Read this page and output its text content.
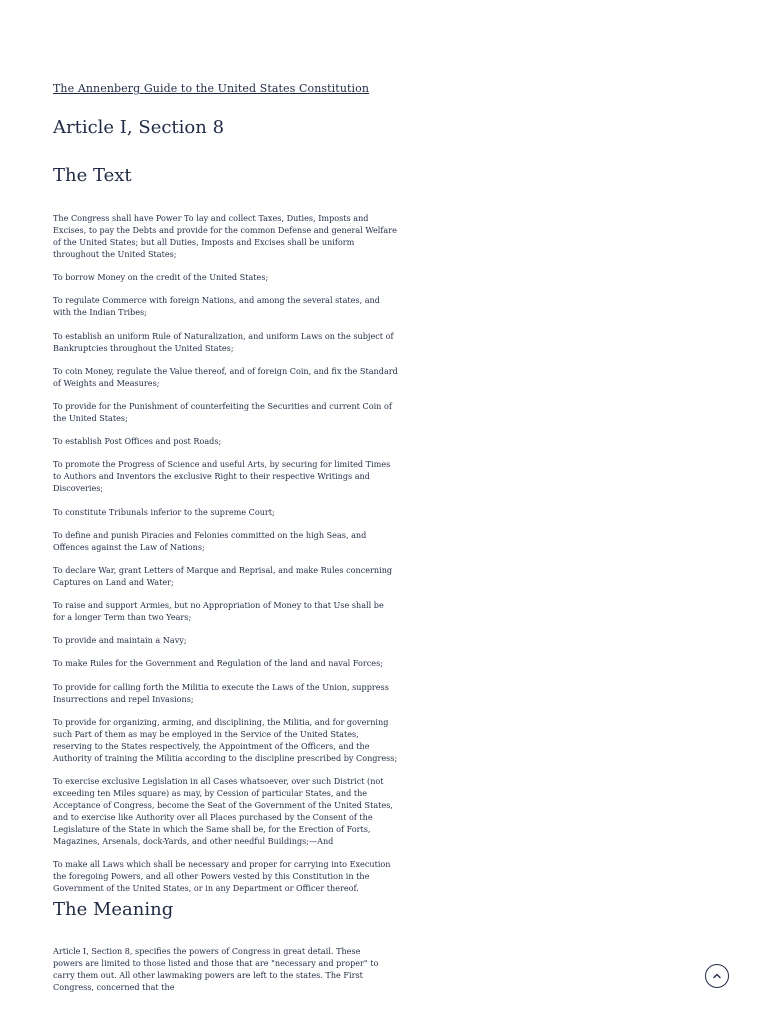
The Annenberg Guide to the United States Constitution
Article I, Section 8
The Text

The Congress shall have Power To lay and collect Taxes, Duties, Imposts and Excises, to pay the Debts and provide for the common Defense and general Welfare of the United States; but all Duties, Imposts and Excises shall be uniform throughout the United States;

To borrow Money on the credit of the United States;

To regulate Commerce with foreign Nations, and among the several states, and with the Indian Tribes;

To establish an uniform Rule of Naturalization, and uniform Laws on the subject of Bankruptcies throughout the United States;

To coin Money, regulate the Value thereof, and of foreign Coin, and fix the Standard of Weights and Measures;

To provide for the Punishment of counterfeiting the Securities and current Coin of the United States;

To establish Post Offices and post Roads;

To promote the Progress of Science and useful Arts, by securing for limited Times to Authors and Inventors the exclusive Right to their respective Writings and Discoveries;

To constitute Tribunals inferior to the supreme Court;

To define and punish Piracies and Felonies committed on the high Seas, and Offences against the Law of Nations;

To declare War, grant Letters of Marque and Reprisal, and make Rules concerning Captures on Land and Water;

To raise and support Armies, but no Appropriation of Money to that Use shall be for a longer Term than two Years;

To provide and maintain a Navy;

To make Rules for the Government and Regulation of the land and naval Forces;

To provide for calling forth the Militia to execute the Laws of the Union, suppress Insurrections and repel Invasions;

To provide for organizing, arming, and disciplining, the Militia, and for governing such Part of them as may be employed in the Service of the United States, reserving to the States respectively, the Appointment of the Officers, and the Authority of training the Militia according to the discipline prescribed by Congress;

To exercise exclusive Legislation in all Cases whatsoever, over such District (not exceeding ten Miles square) as may, by Cession of particular States, and the Acceptance of Congress, become the Seat of the Government of the United States, and to exercise like Authority over all Places purchased by the Consent of the Legislature of the State in which the Same shall be, for the Erection of Forts, Magazines, Arsenals, dock-Yards, and other needful Buildings;—And

To make all Laws which shall be necessary and proper for carrying into Execution the foregoing Powers, and all other Powers vested by this Constitution in the Government of the United States, or in any Department or Officer thereof.

The Meaning

Article I, Section 8, specifies the powers of Congress in great detail. These powers are limited to those listed and those that are "necessary and proper" to carry them out. All other lawmaking powers are left to the states. The First Congress, concerned that the
